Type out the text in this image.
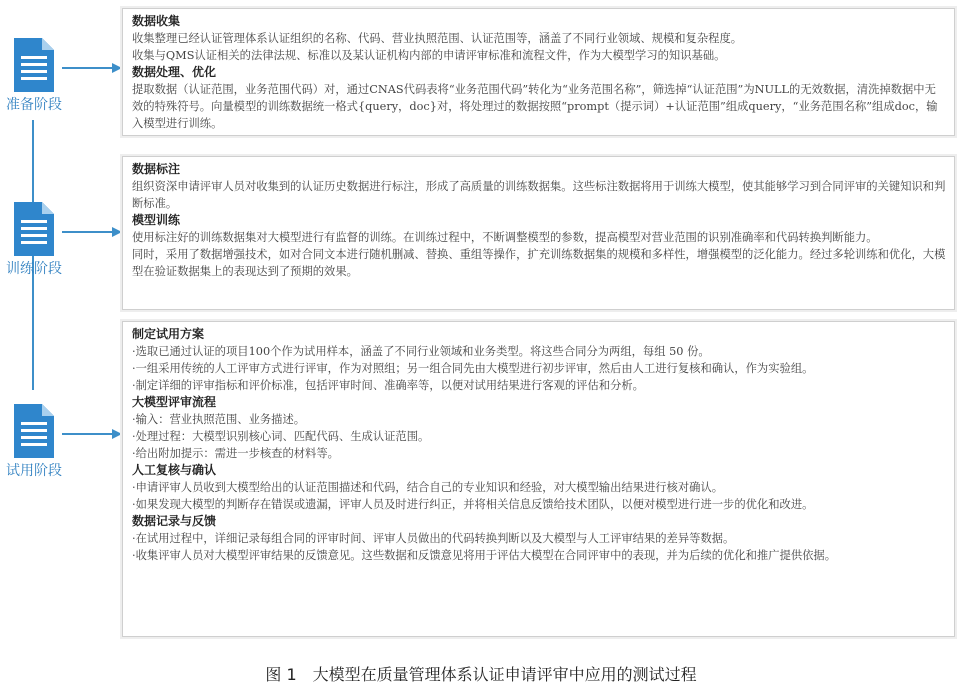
准备阶段
训练阶段
试用阶段
数据收集

收集整理已经认证管理体系认证组织的名称、代码、营业执照范围、认证范围等，涵盖了不同行业领域、规模和复杂程度。

收集与QMS认证相关的法律法规、标准以及某认证机构内部的申请评审标准和流程文件，作为大模型学习的知识基础。

数据处理、优化

提取数据（认证范围，业务范围代码）对，通过CNAS代码表将“业务范围代码”转化为“业务范围名称”，筛选掉“认证范围”为NULL的无效数据，清洗掉数据中无效的特殊符号。向量模型的训练数据统一格式{query，doc}对，将处理过的数据按照“prompt（提示词）+认证范围”组成query，“业务范围名称”组成doc，输入模型进行训练。

数据标注

组织资深申请评审人员对收集到的认证历史数据进行标注，形成了高质量的训练数据集。这些标注数据将用于训练大模型，使其能够学习到合同评审的关键知识和判断标准。

模型训练

使用标注好的训练数据集对大模型进行有监督的训练。在训练过程中，不断调整模型的参数，提高模型对营业范围的识别准确率和代码转换判断能力。

同时，采用了数据增强技术，如对合同文本进行随机删减、替换、重组等操作，扩充训练数据集的规模和多样性，增强模型的泛化能力。经过多轮训练和优化，大模型在验证数据集上的表现达到了预期的效果。

制定试用方案

· 选取已通过认证的项目100个作为试用样本，涵盖了不同行业领域和业务类型。将这些合同分为两组，每组 50 份。

· 一组采用传统的人工评审方式进行评审，作为对照组；另一组合同先由大模型进行初步评审，然后由人工进行复核和确认，作为实验组。

· 制定详细的评审指标和评价标准，包括评审时间、准确率等，以便对试用结果进行客观的评估和分析。

大模型评审流程

· 输入：营业执照范围、业务描述。

· 处理过程：大模型识别核心词、匹配代码、生成认证范围。

· 给出附加提示：需进一步核查的材料等。

人工复核与确认

· 申请评审人员收到大模型给出的认证范围描述和代码，结合自己的专业知识和经验，对大模型输出结果进行核对确认。

· 如果发现大模型的判断存在错误或遗漏，评审人员及时进行纠正，并将相关信息反馈给技术团队，以便对模型进行进一步的优化和改进。

数据记录与反馈

· 在试用过程中，详细记录每组合同的评审时间、评审人员做出的代码转换判断以及大模型与人工评审结果的差异等数据。

· 收集评审人员对大模型评审结果的反馈意见。这些数据和反馈意见将用于评估大模型在合同评审中的表现，并为后续的优化和推广提供依据。

图 1　大模型在质量管理体系认证申请评审中应用的测试过程
